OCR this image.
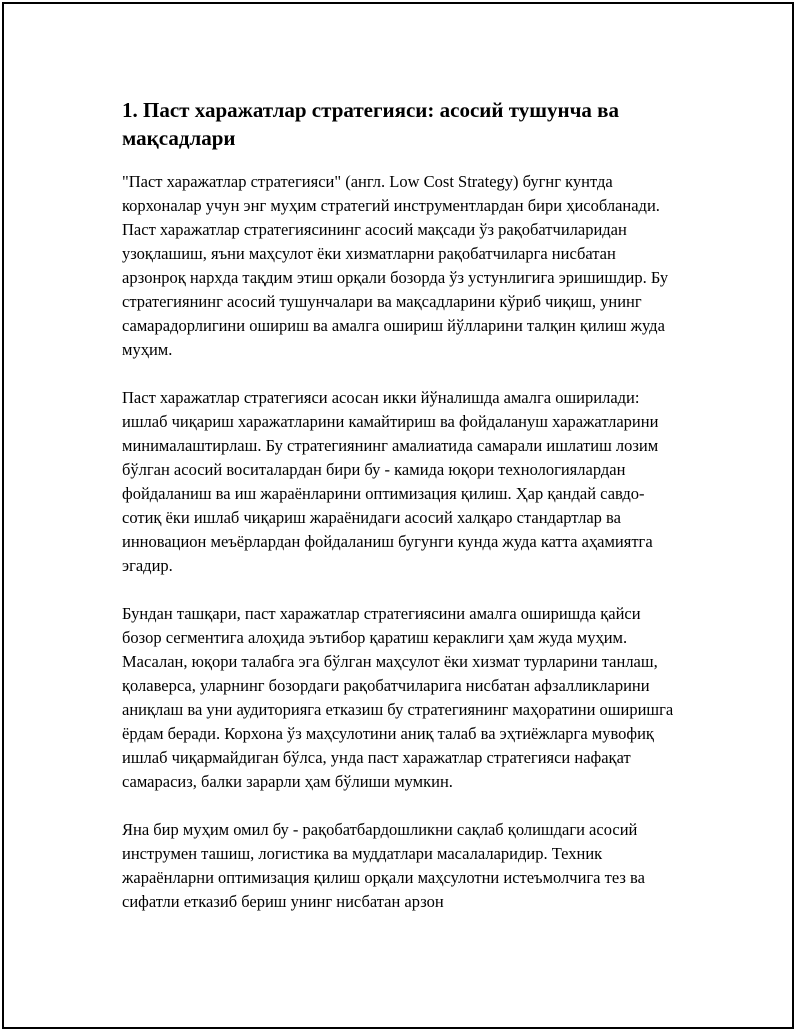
1. Паст харажатлар стратегияси: асосий тушунча ва мақсадлари

"Паст харажатлар стратегияси" (англ. Low Cost Strategy) бугнг кунтда корхоналар учун энг муҳим стратегий инструментлардан бири ҳисобланади. Паст харажатлар стратегиясининг асосий мақсади ўз рақобатчиларидан узоқлашиш, яъни маҳсулот ёки хизматларни рақобатчиларга нисбатан арзонроқ нархда тақдим этиш орқали бозорда ўз устунлигига эришишдир. Бу стратегиянинг асосий тушунчалари ва мақсадларини кўриб чиқиш, унинг самарадорлигини ошириш ва амалга ошириш йўлларини талқин қилиш жуда муҳим.

Паст харажатлар стратегияси асосан икки йўналишда амалга оширилади: ишлаб чиқариш харажатларини камайтириш ва фойдалануш харажатларини минималаштирлаш. Бу стратегиянинг амалиатида самарали ишлатиш лозим бўлган асосий воситалардан бири бу - камида юқори технологиялардан фойдаланиш ва иш жараёнларини оптимизация қилиш. Ҳар қандай савдо-сотиқ ёки ишлаб чиқариш жараёнидаги асосий халқаро стандартлар ва инновацион меъёрлардан фойдаланиш бугунги кунда жуда катта аҳамиятга эгадир.

Бундан ташқари, паст харажатлар стратегиясини амалга оширишда қайси бозор сегментига алоҳида эътибор қаратиш кераклиги ҳам жуда муҳим. Масалан, юқори талабга эга бўлган маҳсулот ёки хизмат турларини танлаш, қолаверса, уларнинг бозордаги рақобатчиларига нисбатан афзалликларини аниқлаш ва уни аудиторияга етказиш бу стратегиянинг маҳоратини оширишга ёрдам беради. Корхона ўз маҳсулотини аниқ талаб ва эҳтиёжларга мувофиқ ишлаб чиқармайдиган бўлса, унда паст харажатлар стратегияси нафақат самарасиз, балки зарарли ҳам бўлиши мумкин.

Яна бир муҳим омил бу - рақобатбардошликни сақлаб қолишдаги асосий инструмен ташиш, логистика ва муддатлари масалаларидир. Техник жараёнларни оптимизация қилиш орқали маҳсулотни истеъмолчига тез ва сифатли етказиб бериш унинг нисбатан арзон
